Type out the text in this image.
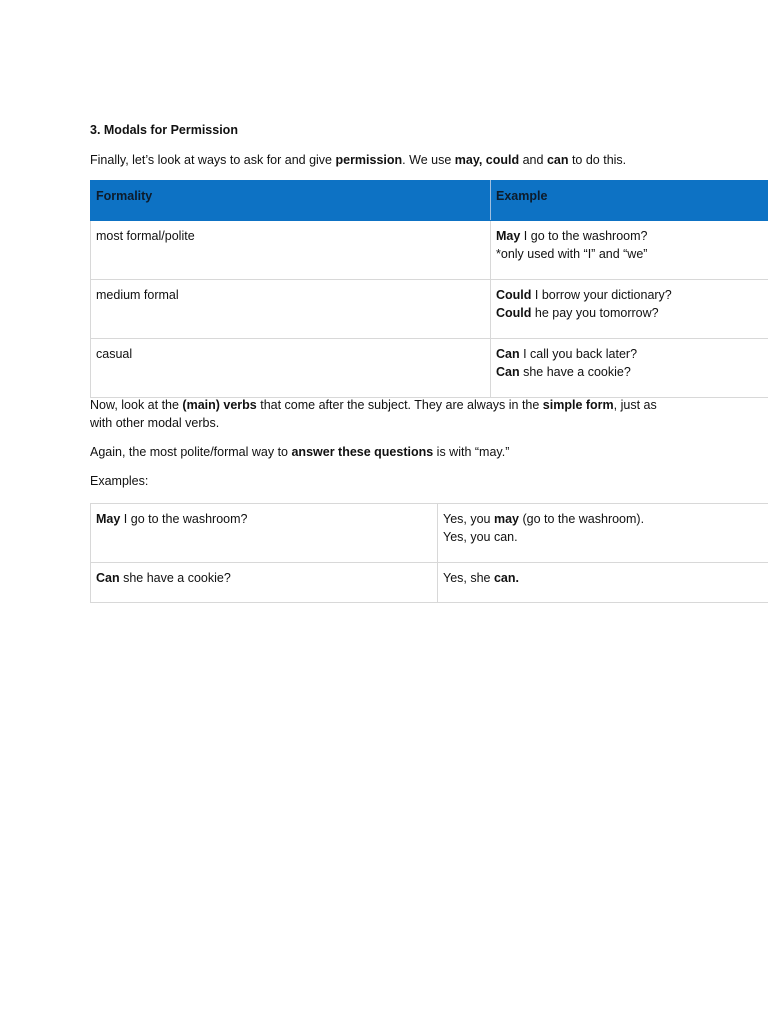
3. Modals for Permission
Finally, let’s look at ways to ask for and give permission. We use may, could and can to do this.
Formality	Example
most formal/polite	May I go to the washroom?
*only used with “I” and “we”

medium formal	Could I borrow your dictionary?
Could he pay you tomorrow?

casual	Can I call you back later?
Can she have a cookie?
Now, look at the (main) verbs that come after the subject. They are always in the simple form, just as
with other modal verbs.
Again, the most polite/formal way to answer these questions is with “may.”
Examples:
May I go to the washroom?	Yes, you may (go to the washroom).
Yes, you can.

Can she have a cookie?	Yes, she can.
